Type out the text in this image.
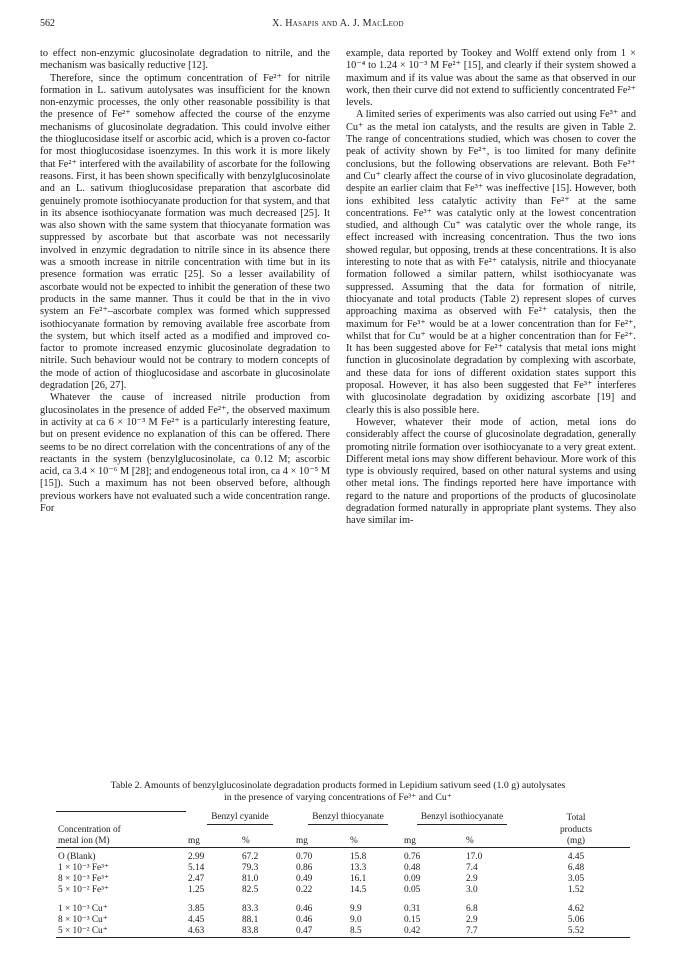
562	X. Hasapis and A. J. MacLeod

to effect non-enzymic glucosinolate degradation to nitrile, and the mechanism was basically reductive [12].

Therefore, since the optimum concentration of Fe²⁺ for nitrile formation in L. sativum autolysates was insufficient for the known non-enzymic processes, the only other reasonable possibility is that the presence of Fe²⁺ somehow affected the course of the enzyme mechanisms of glucosinolate degradation. This could involve either the thioglucosidase itself or ascorbic acid, which is a proven co-factor for most thioglucosidase isoenzymes. In this work it is more likely that Fe²⁺ interfered with the availability of ascorbate for the following reasons. First, it has been shown specifically with benzylglucosinolate and an L. sativum thioglucosidase preparation that ascorbate did genuinely promote isothiocyanate production for that system, and that in its absence isothiocyanate formation was much decreased [25]. It was also shown with the same system that thiocyanate formation was suppressed by ascorbate but that ascorbate was not necessarily involved in enzymic degradation to nitrile since in its absence there was a smooth increase in nitrile concentration with time but in its presence formation was erratic [25]. So a lesser availability of ascorbate would not be expected to inhibit the generation of these two products in the same manner. Thus it could be that in the in vivo system an Fe²⁺–ascorbate complex was formed which suppressed isothiocyanate formation by removing available free ascorbate from the system, but which itself acted as a modified and improved co-factor to promote increased enzymic glucosinolate degradation to nitrile. Such behaviour would not be contrary to modern concepts of the mode of action of thioglucosidase and ascorbate in glucosinolate degradation [26, 27].

Whatever the cause of increased nitrile production from glucosinolates in the presence of added Fe²⁺, the observed maximum in activity at ca 6 × 10⁻³ M Fe²⁺ is a particularly interesting feature, but on present evidence no explanation of this can be offered. There seems to be no direct correlation with the concentrations of any of the reactants in the system (benzylglucosinolate, ca 0.12 M; ascorbic acid, ca 3.4 × 10⁻⁶ M [28]; and endogeneous total iron, ca 4 × 10⁻⁵ M [15]). Such a maximum has not been observed before, although previous workers have not evaluated such a wide concentration range. For

example, data reported by Tookey and Wolff extend only from 1 × 10⁻⁴ to 1.24 × 10⁻³ M Fe²⁺ [15], and clearly if their system showed a maximum and if its value was about the same as that observed in our work, then their curve did not extend to sufficiently concentrated Fe²⁺ levels.

A limited series of experiments was also carried out using Fe³⁺ and Cu⁺ as the metal ion catalysts, and the results are given in Table 2. The range of concentrations studied, which was chosen to cover the peak of activity shown by Fe²⁺, is too limited for many definite conclusions, but the following observations are relevant. Both Fe³⁺ and Cu⁺ clearly affect the course of in vivo glucosinolate degradation, despite an earlier claim that Fe³⁺ was ineffective [15]. However, both ions exhibited less catalytic activity than Fe²⁺ at the same concentrations. Fe³⁺ was catalytic only at the lowest concentration studied, and although Cu⁺ was catalytic over the whole range, its effect increased with increasing concentration. Thus the two ions showed regular, but opposing, trends at these concentrations. It is also interesting to note that as with Fe²⁺ catalysis, nitrile and thiocyanate formation followed a similar pattern, whilst isothiocyanate was suppressed. Assuming that the data for formation of nitrile, thiocyanate and total products (Table 2) represent slopes of curves approaching maxima as observed with Fe²⁺ catalysis, then the maximum for Fe³⁺ would be at a lower concentration than for Fe²⁺, whilst that for Cu⁺ would be at a higher concentration than for Fe²⁺. It has been suggested above for Fe²⁺ catalysis that metal ions might function in glucosinolate degradation by complexing with ascorbate, and these data for ions of different oxidation states support this proposal. However, it has also been suggested that Fe³⁺ interferes with glucosinolate degradation by oxidizing ascorbate [19] and clearly this is also possible here.

However, whatever their mode of action, metal ions do considerably affect the course of glucosinolate degradation, generally promoting nitrile formation over isothiocyanate to a very great extent. Different metal ions may show different behaviour. More work of this type is obviously required, based on other natural systems and using other metal ions. The findings reported here have importance with regard to the nature and proportions of the products of glucosinolate degradation formed naturally in appropriate plant systems. They also have similar im-

Table 2. Amounts of benzylglucosinolate degradation products formed in Lepidium sativum seed (1.0 g) autolysates
in the presence of varying concentrations of Fe³⁺ and Cu⁺
	Benzyl cyanide		Benzyl thiocyanate		Benzyl isothiocyanate		Total
Concentration of							products
metal ion (M)	mg	%	mg	%	mg	%	(mg)

O (Blank)	2.99	67.2	0.70	15.8	0.76	17.0	4.45
1 × 10⁻³ Fe³⁺	5.14	79.3	0.86	13.3	0.48	7.4	6.48
8 × 10⁻³ Fe³⁺	2.47	81.0	0.49	16.1	0.09	2.9	3.05
5 × 10⁻² Fe³⁺	1.25	82.5	0.22	14.5	0.05	3.0	1.52

1 × 10⁻³ Cu⁺	3.85	83.3	0.46	9.9	0.31	6.8	4.62
8 × 10⁻³ Cu⁺	4.45	88.1	0.46	9.0	0.15	2.9	5.06
5 × 10⁻² Cu⁺	4.63	83.8	0.47	8.5	0.42	7.7	5.52
